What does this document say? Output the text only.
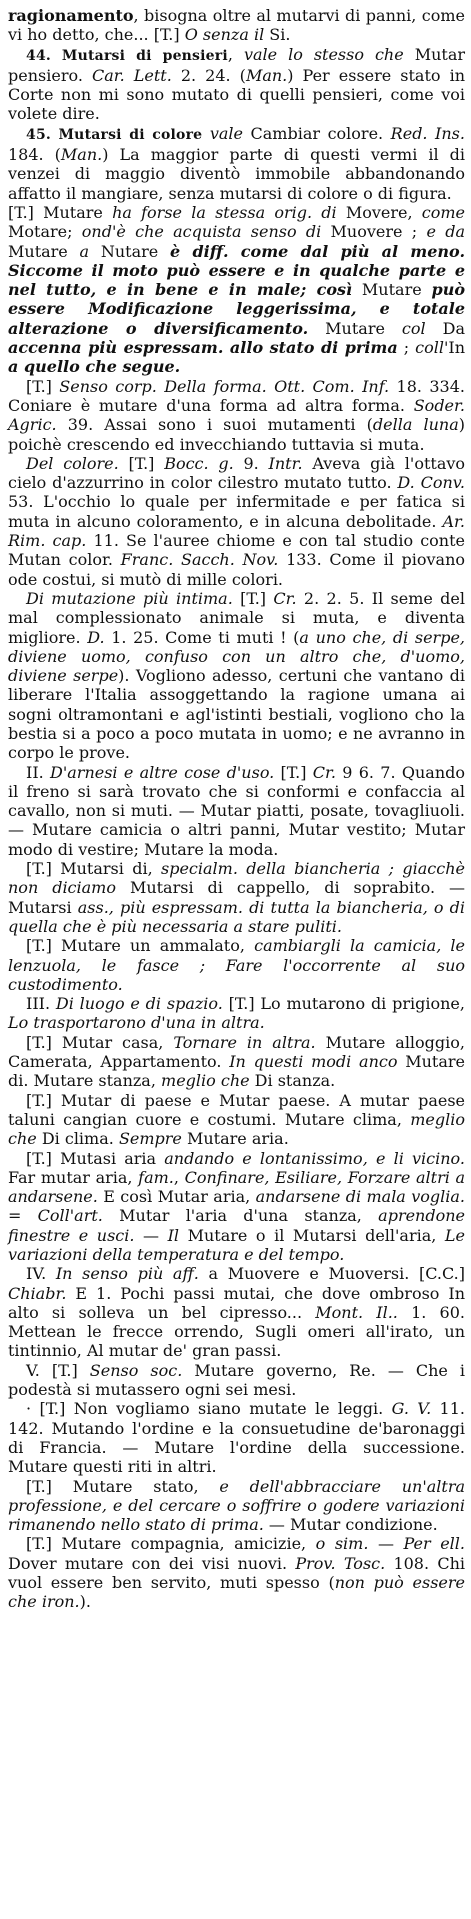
ragionamento, bisogna oltre al mutarvi di panni, come vi ho detto, che... [T.] O senza il Si.

44. Mutarsi di pensieri, vale lo stesso che Mutar pensiero. Car. Lett. 2. 24. (Man.) Per essere stato in Corte non mi sono mutato di quelli pensieri, come voi volete dire.

45. Mutarsi di colore vale Cambiar colore. Red. Ins. 184. (Man.) La maggior parte di questi vermi il di venzei di maggio diventò immobile abbandonando affatto il mangiare, senza mutarsi di colore o di figura.

[T.] Mutare ha forse la stessa orig. di Movere, come Motare; ond'è che acquista senso di Muovere ; e da Mutare a Nutare è diff. come dal più al meno. Siccome il moto può essere e in qualche parte e nel tutto, e in bene e in male; così Mutare può essere Modificazione leggerissima, e totale alterazione o diversificamento. Mutare col Da accenna più espressam. allo stato di prima ; coll'In a quello che segue.

[T.] Senso corp. Della forma. Ott. Com. Inf. 18. 334. Coniare è mutare d'una forma ad altra forma. Soder. Agric. 39. Assai sono i suoi mutamenti (della luna) poichè crescendo ed invecchiando tuttavia si muta.

Del colore. [T.] Bocc. g. 9. Intr. Aveva già l'ottavo cielo d'azzurrino in color cilestro mutato tutto. D. Conv. 53. L'occhio lo quale per infermitade e per fatica si muta in alcuno coloramento, e in alcuna debolitade. Ar. Rim. cap. 11. Se l'auree chiome e con tal studio conte Mutan color. Franc. Sacch. Nov. 133. Come il piovano ode costui, si mutò di mille colori.

Di mutazione più intima. [T.] Cr. 2. 2. 5. Il seme del mal complessionato animale si muta, e diventa migliore. D. 1. 25. Come ti muti ! (a uno che, di serpe, diviene uomo, confuso con un altro che, d'uomo, diviene serpe). Vogliono adesso, certuni che vantano di liberare l'Italia assoggettando la ragione umana ai sogni oltramontani e agl'istinti bestiali, vogliono cho la bestia si a poco a poco mutata in uomo; e ne avranno in corpo le prove.

II. D'arnesi e altre cose d'uso. [T.] Cr. 9 6. 7. Quando il freno si sarà trovato che si conformi e confaccia al cavallo, non si muti. — Mutar piatti, posate, tovagliuoli. — Mutare camicia o altri panni, Mutar vestito; Mutar modo di vestire; Mutare la moda.

[T.] Mutarsi di, specialm. della biancheria ; giacchè non diciamo Mutarsi di cappello, di soprabito. — Mutarsi ass., più espressam. di tutta la biancheria, o di quella che è più necessaria a stare puliti.

[T.] Mutare un ammalato, cambiargli la camicia, le lenzuola, le fasce ; Fare l'occorrente al suo custodimento.

III. Di luogo e di spazio. [T.] Lo mutarono di prigione, Lo trasportarono d'una in altra.

[T.] Mutar casa, Tornare in altra. Mutare alloggio, Camerata, Appartamento. In questi modi anco Mutare di. Mutare stanza, meglio che Di stanza.

[T.] Mutar di paese e Mutar paese. A mutar paese taluni cangian cuore e costumi. Mutare clima, meglio che Di clima. Sempre Mutare aria.

[T.] Mutasi aria andando e lontanissimo, e li vicino. Far mutar aria, fam., Confinare, Esiliare, Forzare altri a andarsene. E così Mutar aria, andarsene di mala voglia. = Coll'art. Mutar l'aria d'una stanza, aprendone finestre e usci. — Il Mutare o il Mutarsi dell'aria, Le variazioni della temperatura e del tempo.

IV. In senso più aff. a Muovere e Muoversi. [C.C.] Chiabr. E 1. Pochi passi mutai, che dove ombroso In alto si solleva un bel cipresso... Mont. Il.. 1. 60. Mettean le frecce orrendo, Sugli omeri all'irato, un tintinnio, Al mutar de' gran passi.

V. [T.] Senso soc. Mutare governo, Re. — Che i podestà si mutassero ogni sei mesi.

· [T.] Non vogliamo siano mutate le leggi. G. V. 11. 142. Mutando l'ordine e la consuetudine de'baronaggi di Francia. — Mutare l'ordine della successione. Mutare questi riti in altri.

[T.] Mutare stato, e dell'abbracciare un'altra professione, e del cercare o soffrire o godere variazioni rimanendo nello stato di prima. — Mutar condizione.

[T.] Mutare compagnia, amicizie, o sim. — Per ell. Dover mutare con dei visi nuovi. Prov. Tosc. 108. Chi vuol essere ben servito, muti spesso (non può essere che iron.).
